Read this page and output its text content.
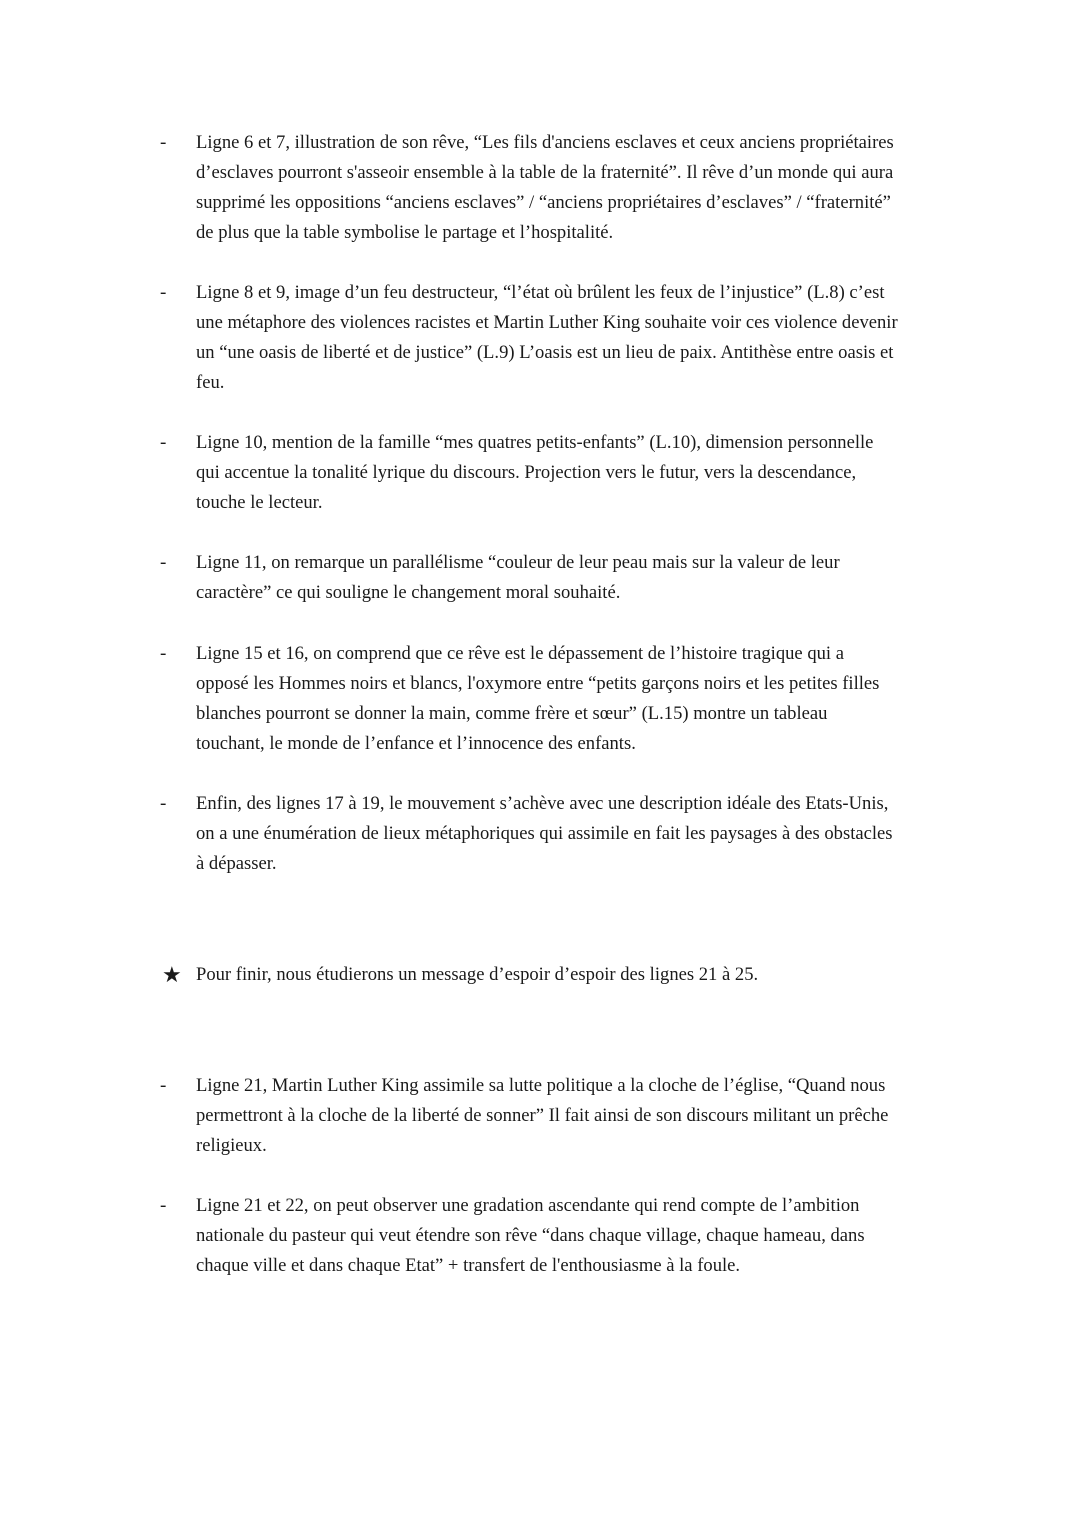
- Ligne 6 et 7, illustration de son rêve, “Les fils d'anciens esclaves et ceux anciens propriétaires
d’esclaves pourront s'asseoir ensemble à la table de la fraternité”. Il rêve d’un monde qui aura
supprimé les oppositions “anciens esclaves” / “anciens propriétaires d’esclaves” / “fraternité”
de plus que la table symbolise le partage et l’hospitalité.

- Ligne 8 et 9, image d’un feu destructeur, “l’état où brûlent les feux de l’injustice” (L.8) c’est
une métaphore des violences racistes et Martin Luther King souhaite voir ces violence devenir
un “une oasis de liberté et de justice” (L.9) L’oasis est un lieu de paix. Antithèse entre oasis et
feu.

- Ligne 10, mention de la famille “mes quatres petits-enfants” (L.10), dimension personnelle
qui accentue la tonalité lyrique du discours. Projection vers le futur, vers la descendance,
touche le lecteur.

- Ligne 11, on remarque un parallélisme “couleur de leur peau mais sur la valeur de leur
caractère” ce qui souligne le changement moral souhaité.

- Ligne 15 et 16, on comprend que ce rêve est le dépassement de l’histoire tragique qui a
opposé les Hommes noirs et blancs, l'oxymore entre “petits garçons noirs et les petites filles
blanches pourront se donner la main, comme frère et sœur” (L.15) montre un tableau
touchant, le monde de l’enfance et l’innocence des enfants.

- Enfin, des lignes 17 à 19, le mouvement s’achève avec une description idéale des Etats-Unis,
on a une énumération de lieux métaphoriques qui assimile en fait les paysages à des obstacles
à dépasser.

★ Pour finir, nous étudierons un message d’espoir d’espoir des lignes 21 à 25.

- Ligne 21, Martin Luther King assimile sa lutte politique a la cloche de l’église, “Quand nous
permettront à la cloche de la liberté de sonner” Il fait ainsi de son discours militant un prêche
religieux.

- Ligne 21 et 22, on peut observer une gradation ascendante qui rend compte de l’ambition
nationale du pasteur qui veut étendre son rêve “dans chaque village, chaque hameau, dans
chaque ville et dans chaque Etat” + transfert de l'enthousiasme à la foule.
